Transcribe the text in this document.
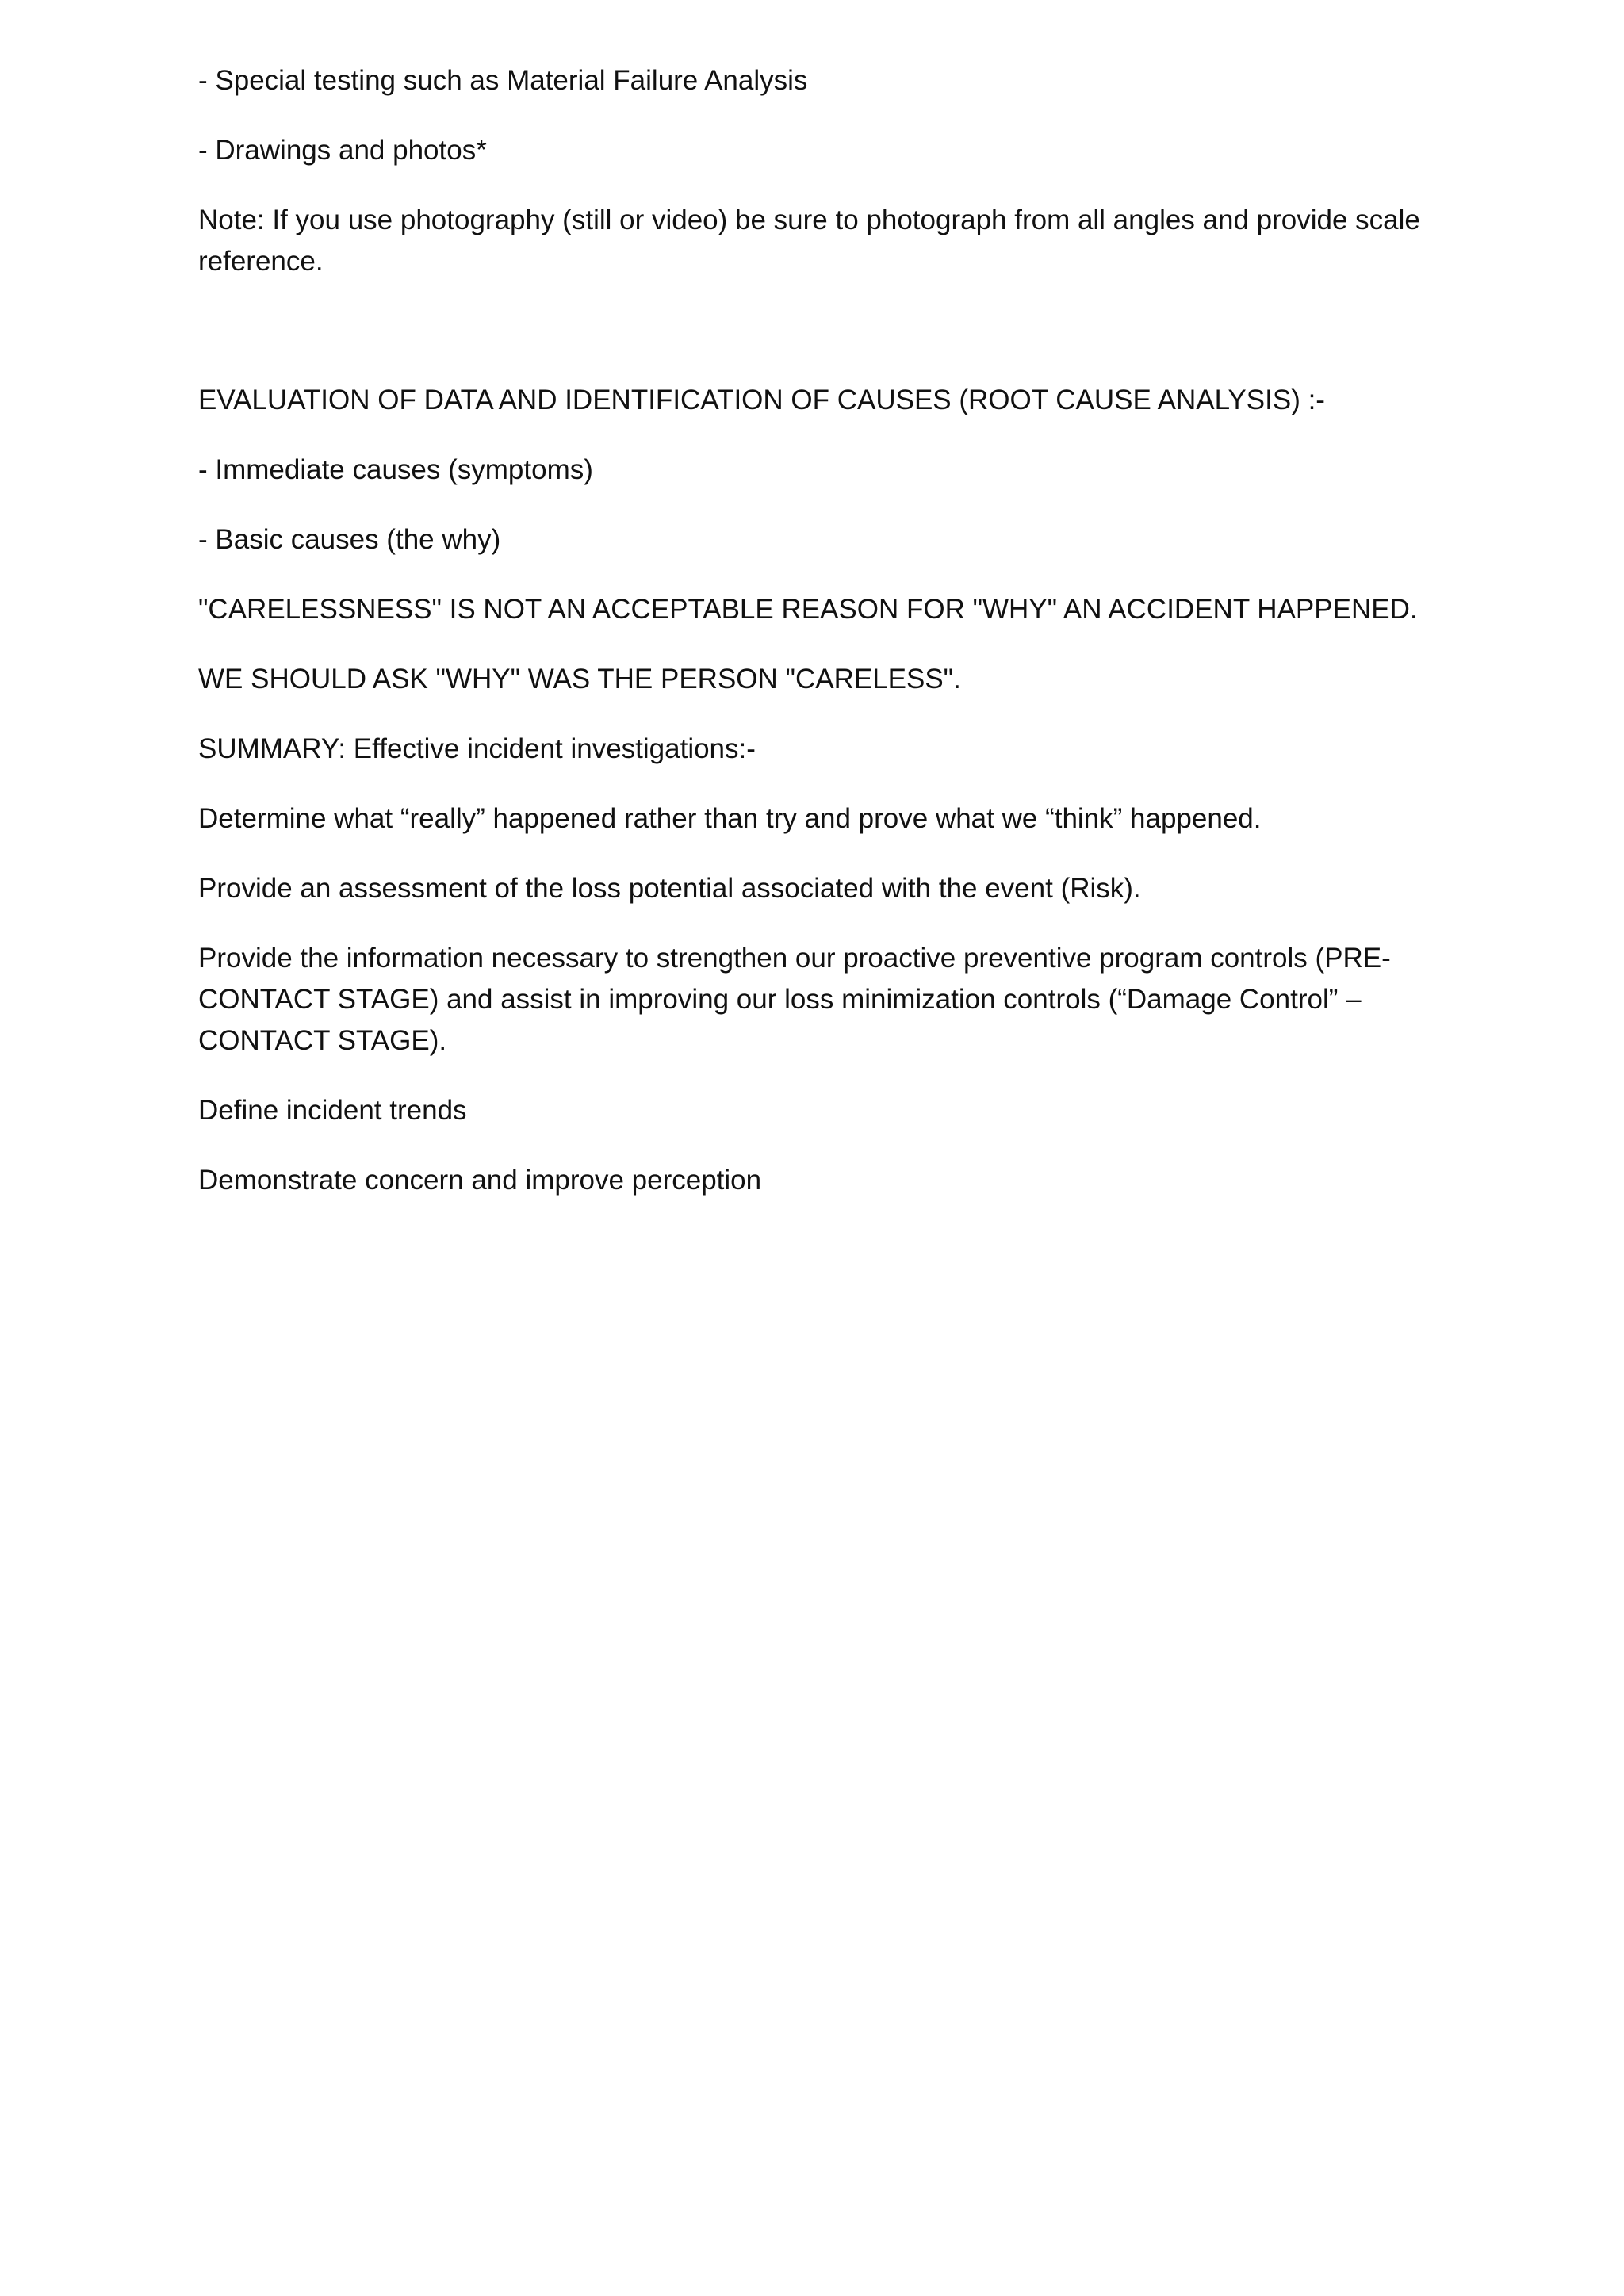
- Special testing such as Material Failure Analysis

- Drawings and photos*

Note: If you use photography (still or video) be sure to photograph from all angles and provide scale reference.

EVALUATION OF DATA AND IDENTIFICATION OF CAUSES (ROOT CAUSE ANALYSIS) :-

- Immediate causes (symptoms)

- Basic causes (the why)

"CARELESSNESS" IS NOT AN ACCEPTABLE REASON FOR "WHY" AN ACCIDENT HAPPENED.

WE SHOULD ASK "WHY" WAS THE PERSON "CARELESS".

SUMMARY: Effective incident investigations:-

Determine what “really” happened rather than try and prove what we “think” happened.

Provide an assessment of the loss potential associated with the event (Risk).

Provide the information necessary to strengthen our proactive preventive program controls (PRE-CONTACT STAGE) and assist in improving our loss minimization controls (“Damage Control” – CONTACT STAGE).

Define incident trends

Demonstrate concern and improve perception
